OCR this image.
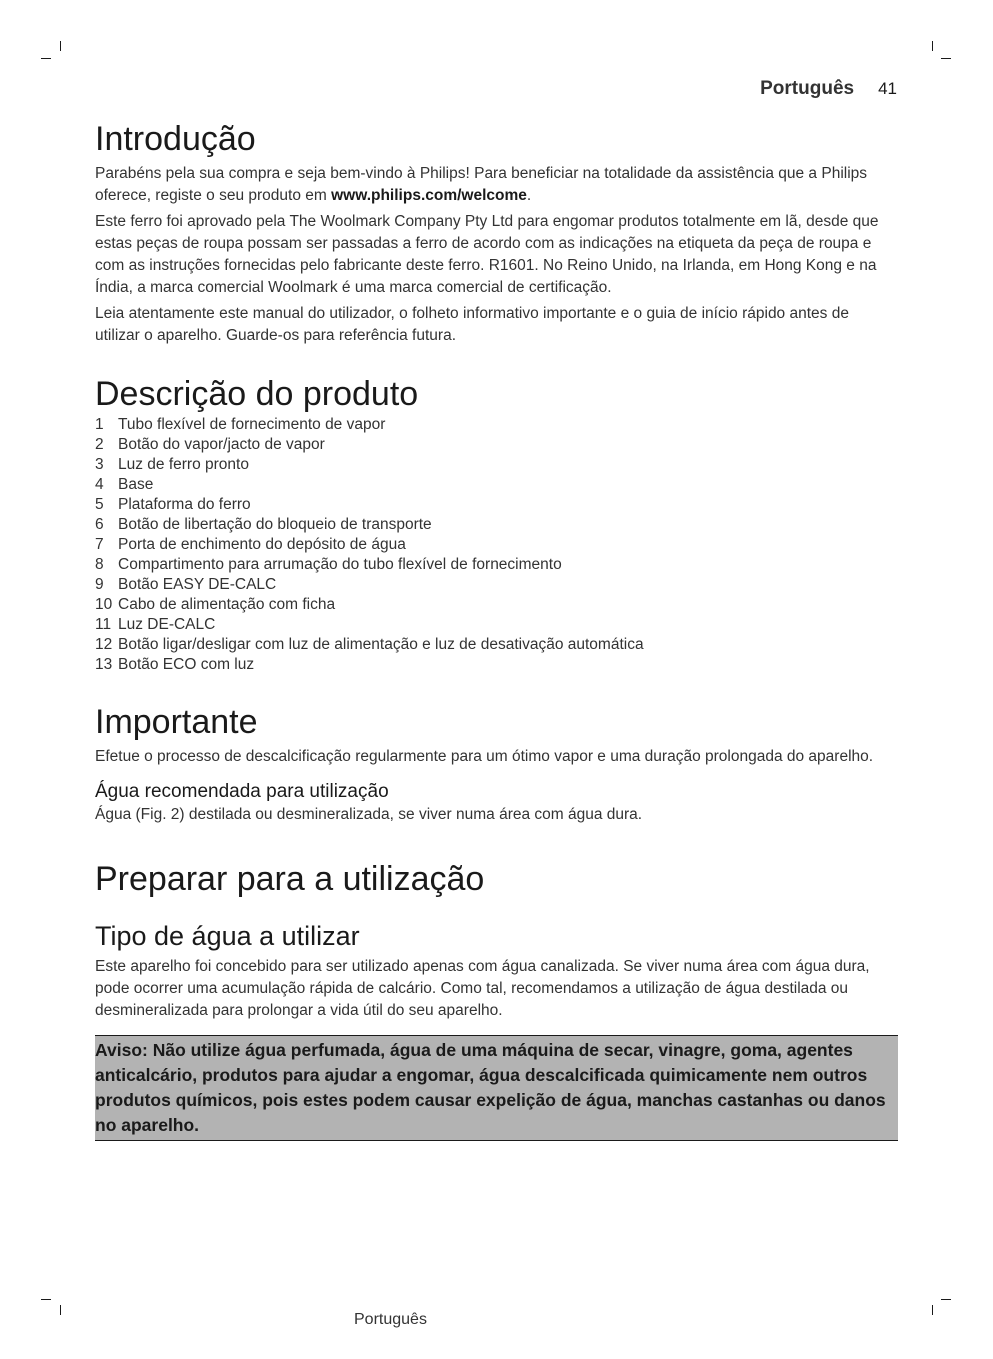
Português 41
Introdução

Parabéns pela sua compra e seja bem-vindo à Philips! Para beneficiar na totalidade da assistência que a Philips oferece, registe o seu produto em www.philips.com/welcome.

Este ferro foi aprovado pela The Woolmark Company Pty Ltd para engomar produtos totalmente em lã, desde que estas peças de roupa possam ser passadas a ferro de acordo com as indicações na etiqueta da peça de roupa e com as instruções fornecidas pelo fabricante deste ferro. R1601. No Reino Unido, na Irlanda, em Hong Kong e na Índia, a marca comercial Woolmark é uma marca comercial de certificação.

Leia atentamente este manual do utilizador, o folheto informativo importante e o guia de início rápido antes de utilizar o aparelho. Guarde-os para referência futura.

Descrição do produto
1 Tubo flexível de fornecimento de vapor
2 Botão do vapor/jacto de vapor
3 Luz de ferro pronto
4 Base
5 Plataforma do ferro
6 Botão de libertação do bloqueio de transporte
7 Porta de enchimento do depósito de água
8 Compartimento para arrumação do tubo flexível de fornecimento
9 Botão EASY DE-CALC
10 Cabo de alimentação com ficha
11 Luz DE-CALC
12 Botão ligar/desligar com luz de alimentação e luz de desativação automática
13 Botão ECO com luz
Importante

Efetue o processo de descalcificação regularmente para um ótimo vapor e uma duração prolongada do aparelho.

Água recomendada para utilização

Água (Fig. 2) destilada ou desmineralizada, se viver numa área com água dura.

Preparar para a utilização
Tipo de água a utilizar

Este aparelho foi concebido para ser utilizado apenas com água canalizada. Se viver numa área com água dura, pode ocorrer uma acumulação rápida de calcário. Como tal, recomendamos a utilização de água destilada ou desmineralizada para prolongar a vida útil do seu aparelho.

Aviso: Não utilize água perfumada, água de uma máquina de secar, vinagre, goma, agentes anticalcário, produtos para ajudar a engomar, água descalcificada quimicamente nem outros produtos químicos, pois estes podem causar expelição de água, manchas castanhas ou danos no aparelho.

Português
